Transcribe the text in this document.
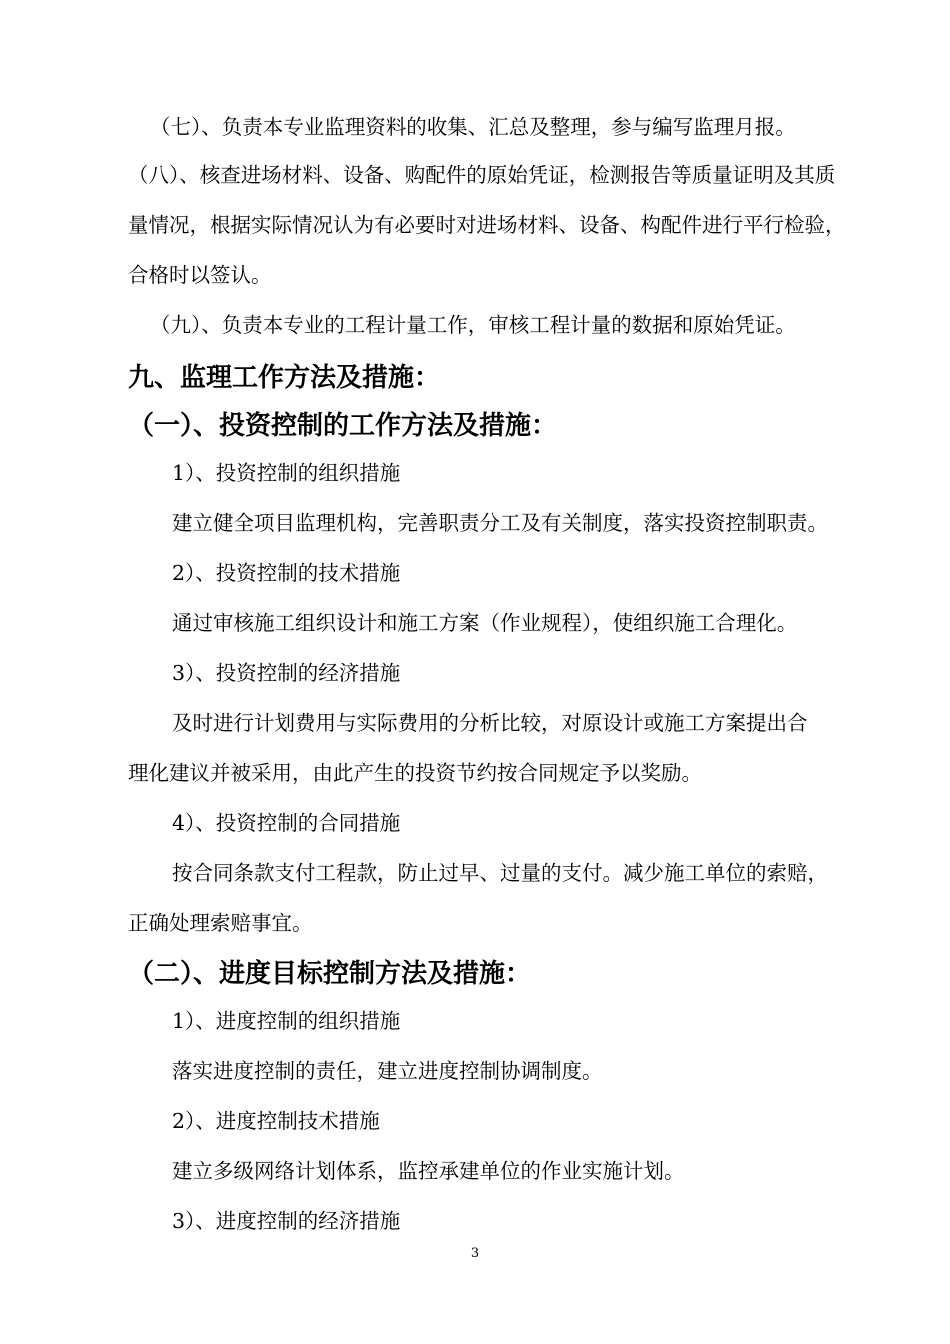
（七）、负责本专业监理资料的收集、汇总及整理，参与编写监理月报。
（八）、核查进场材料、设备、购配件的原始凭证，检测报告等质量证明及其质
量情况，根据实际情况认为有必要时对进场材料、设备、构配件进行平行检验，
合格时以签认。
（九）、负责本专业的工程计量工作，审核工程计量的数据和原始凭证。
九、监理工作方法及措施：
（一）、投资控制的工作方法及措施：
1）、投资控制的组织措施
建立健全项目监理机构，完善职责分工及有关制度，落实投资控制职责。
2）、投资控制的技术措施
通过审核施工组织设计和施工方案（作业规程），使组织施工合理化。
3）、投资控制的经济措施
及时进行计划费用与实际费用的分析比较，对原设计或施工方案提出合
理化建议并被采用，由此产生的投资节约按合同规定予以奖励。
4）、投资控制的合同措施
按合同条款支付工程款，防止过早、过量的支付。减少施工单位的索赔，
正确处理索赔事宜。
（二）、进度目标控制方法及措施：
1）、进度控制的组织措施
落实进度控制的责任，建立进度控制协调制度。
2）、进度控制技术措施
建立多级网络计划体系，监控承建单位的作业实施计划。
3）、进度控制的经济措施
3
